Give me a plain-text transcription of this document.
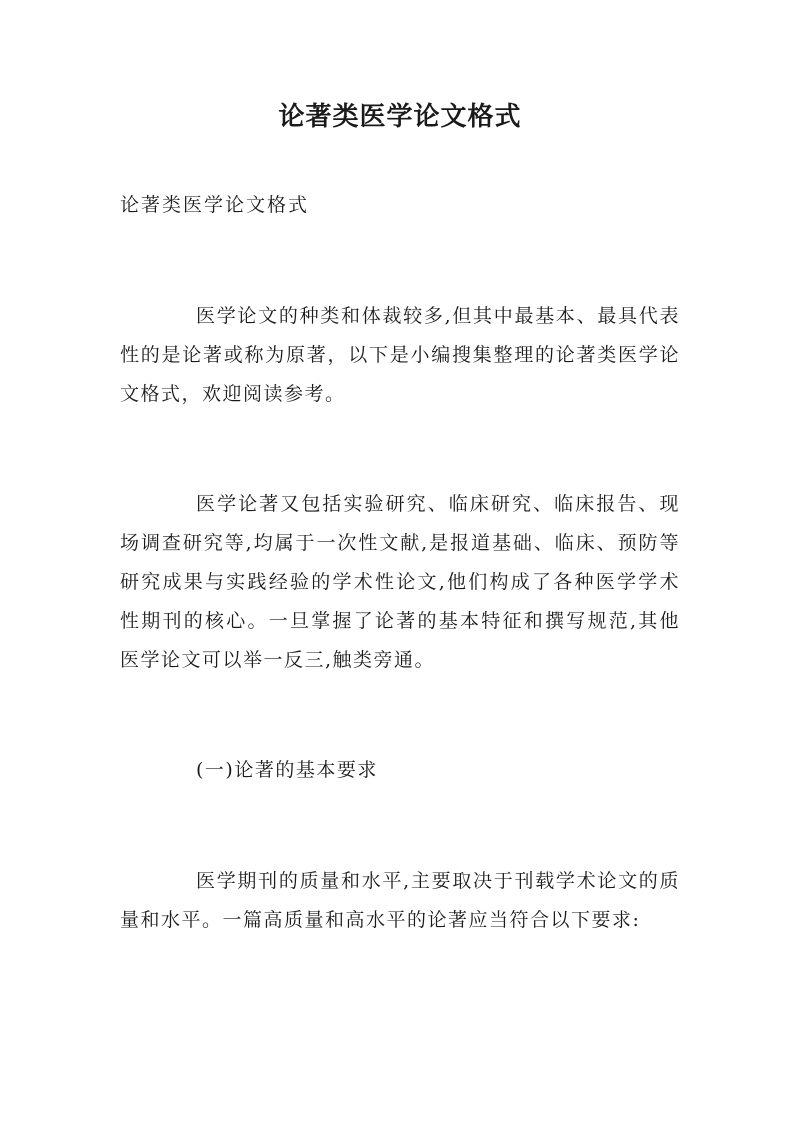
论著类医学论文格式

论著类医学论文格式

医学论文的种类和体裁较多,但其中最基本、最具代表性的是论著或称为原著，以下是小编搜集整理的论著类医学论文格式，欢迎阅读参考。

医学论著又包括实验研究、临床研究、临床报告、现场调查研究等,均属于一次性文献,是报道基础、临床、预防等研究成果与实践经验的学术性论文,他们构成了各种医学学术性期刊的核心。一旦掌握了论著的基本特征和撰写规范,其他医学论文可以举一反三,触类旁通。

(一)论著的基本要求

医学期刊的质量和水平,主要取决于刊载学术论文的质量和水平。一篇高质量和高水平的论著应当符合以下要求:
